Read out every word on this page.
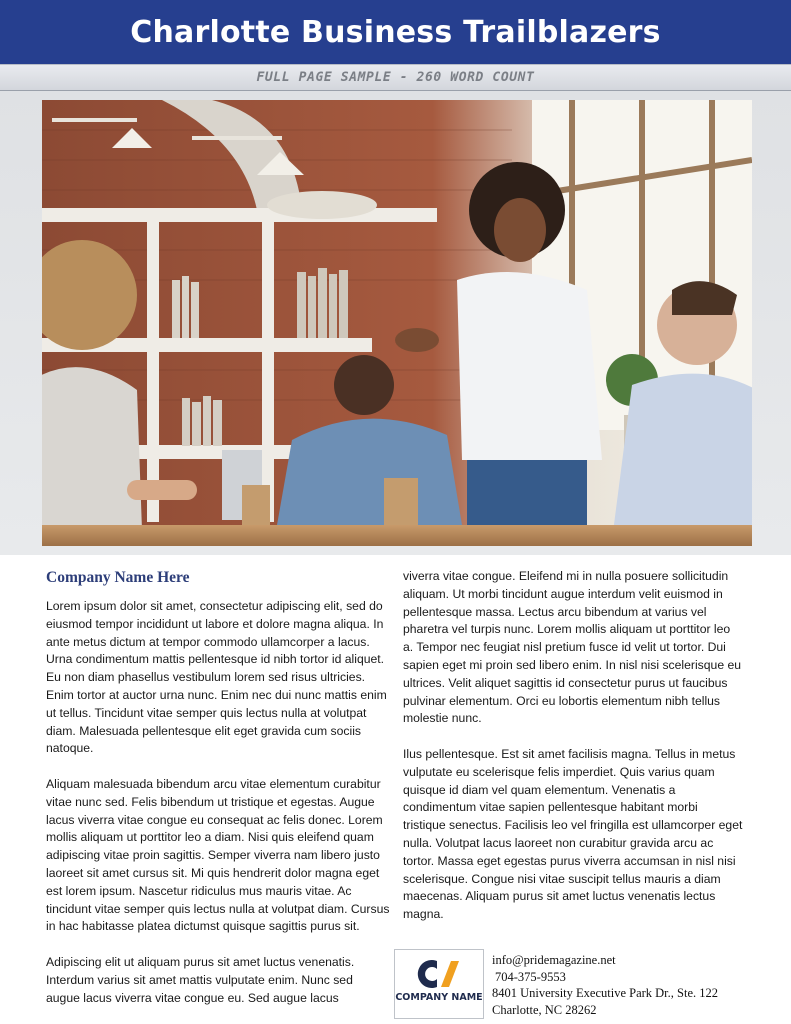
Charlotte Business Trailblazers
FULL PAGE SAMPLE - 260 WORD COUNT
Company Name Here

Lorem ipsum dolor sit amet, consectetur adipiscing elit, sed do eiusmod tempor incididunt ut labore et dolore magna aliqua. In ante metus dictum at tempor commodo ullamcorper a lacus. Urna condimentum mattis pellentesque id nibh tortor id aliquet. Eu non diam phasellus vestibulum lorem sed risus ultricies. Enim tortor at auctor urna nunc. Enim nec dui nunc mattis enim ut tellus. Tincidunt vitae semper quis lectus nulla at volutpat diam. Malesuada pellentesque elit eget gravida cum sociis natoque.

Aliquam malesuada bibendum arcu vitae elementum curabitur vitae nunc sed. Felis bibendum ut tristique et egestas. Augue lacus viverra vitae congue eu consequat ac felis donec. Lorem mollis aliquam ut porttitor leo a diam. Nisi quis eleifend quam adipiscing vitae proin sagittis. Semper viverra nam libero justo laoreet sit amet cursus sit. Mi quis hendrerit dolor magna eget est lorem ipsum. Nascetur ridiculus mus mauris vitae. Ac tincidunt vitae semper quis lectus nulla at volutpat diam. Cursus in hac habitasse platea dictumst quisque sagittis purus sit.

Adipiscing elit ut aliquam purus sit amet luctus venenatis. Interdum varius sit amet mattis vulputate enim. Nunc sed augue lacus viverra vitae congue eu. Sed augue lacus

viverra vitae congue. Eleifend mi in nulla posuere sollicitudin aliquam. Ut morbi tincidunt augue interdum velit euismod in pellentesque massa. Lectus arcu bibendum at varius vel pharetra vel turpis nunc. Lorem mollis aliquam ut porttitor leo a. Tempor nec feugiat nisl pretium fusce id velit ut tortor. Dui sapien eget mi proin sed libero enim. In nisl nisi scelerisque eu ultrices. Velit aliquet sagittis id consectetur purus ut faucibus pulvinar elementum. Orci eu lobortis elementum nibh tellus molestie nunc.

Ilus pellentesque. Est sit amet facilisis magna. Tellus in metus vulputate eu scelerisque felis imperdiet. Quis varius quam quisque id diam vel quam elementum. Venenatis a condimentum vitae sapien pellentesque habitant morbi tristique senectus. Facilisis leo vel fringilla est ullamcorper eget nulla. Volutpat lacus laoreet non curabitur gravida arcu ac tortor. Massa eget egestas purus viverra accumsan in nisl nisi scelerisque. Congue nisi vitae suscipit tellus mauris a diam maecenas. Aliquam purus sit amet luctus venenatis lectus magna.

COMPANY NAME
info@pridemagazine.net
704-375-9553
8401 University Executive Park Dr., Ste. 122
Charlotte, NC 28262
